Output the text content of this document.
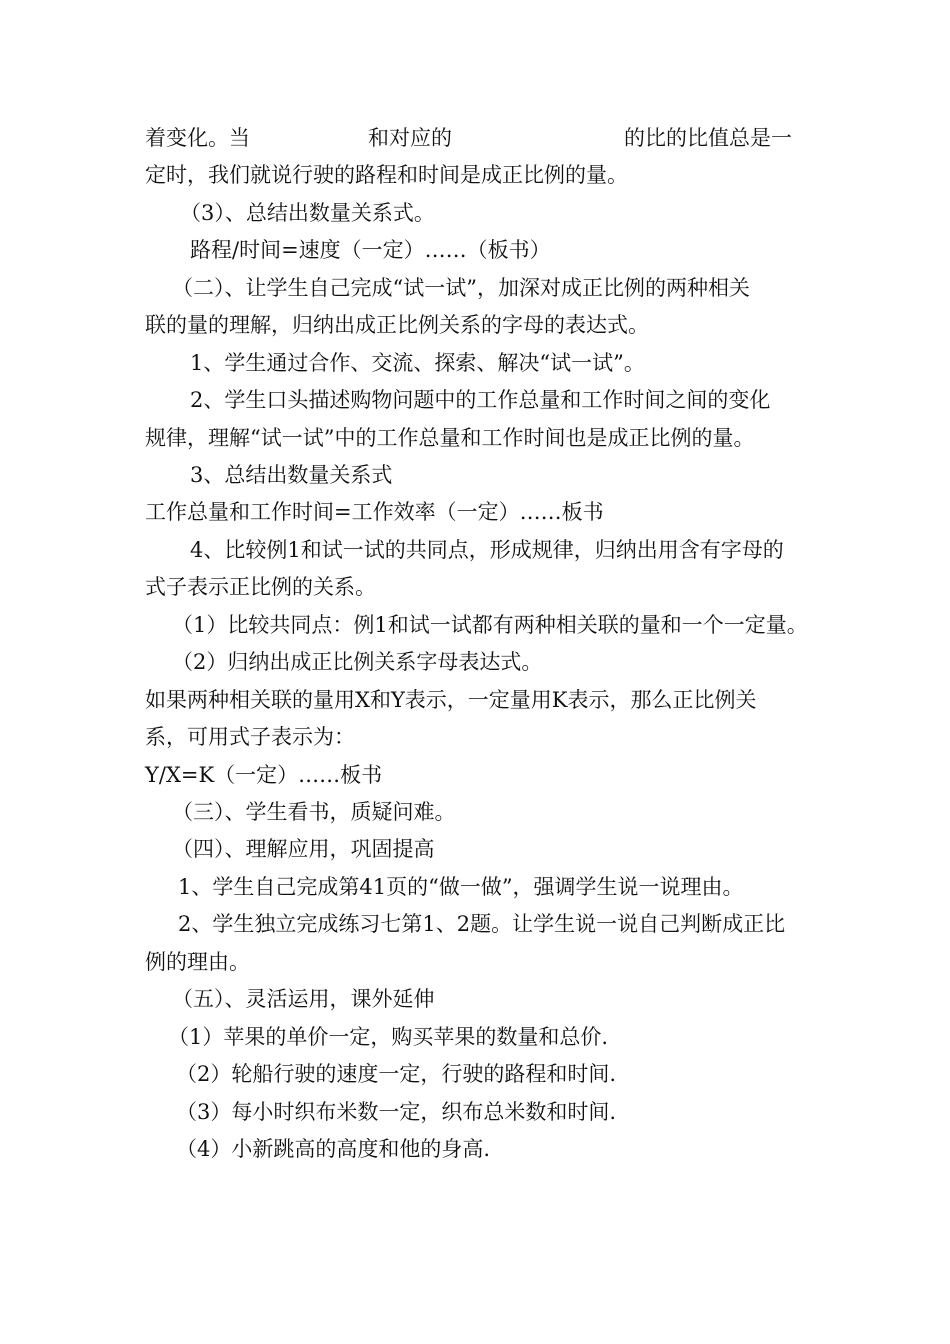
着变化。当	和对应的	的比的比值总是一
定时，我们就说行驶的路程和时间是成正比例的量。
（3）、总结出数量关系式。
路程/时间=速度（一定）……（板书）
（二）、让学生自己完成“试一试”，加深对成正比例的两种相关
联的量的理解，归纳出成正比例关系的字母的表达式。
1、学生通过合作、交流、探索、解决“试一试”。
2、学生口头描述购物问题中的工作总量和工作时间之间的变化
规律，理解“试一试”中的工作总量和工作时间也是成正比例的量。
3、总结出数量关系式
工作总量和工作时间=工作效率（一定）……板书
4、比较例1和试一试的共同点，形成规律，归纳出用含有字母的
式子表示正比例的关系。
（1）比较共同点：例1和试一试都有两种相关联的量和一个一定量。
（2）归纳出成正比例关系字母表达式。
如果两种相关联的量用X和Y表示，一定量用K表示，那么正比例关
系，可用式子表示为：
Y/X=K（一定）……板书
（三）、学生看书，质疑问难。
（四）、理解应用，巩固提高
1、学生自己完成第41页的“做一做”，强调学生说一说理由。
2、学生独立完成练习七第1、2题。让学生说一说自己判断成正比
例的理由。
（五）、灵活运用，课外延伸
（1）苹果的单价一定，购买苹果的数量和总价.
（2）轮船行驶的速度一定，行驶的路程和时间.
（3）每小时织布米数一定，织布总米数和时间.
（4）小新跳高的高度和他的身高.
